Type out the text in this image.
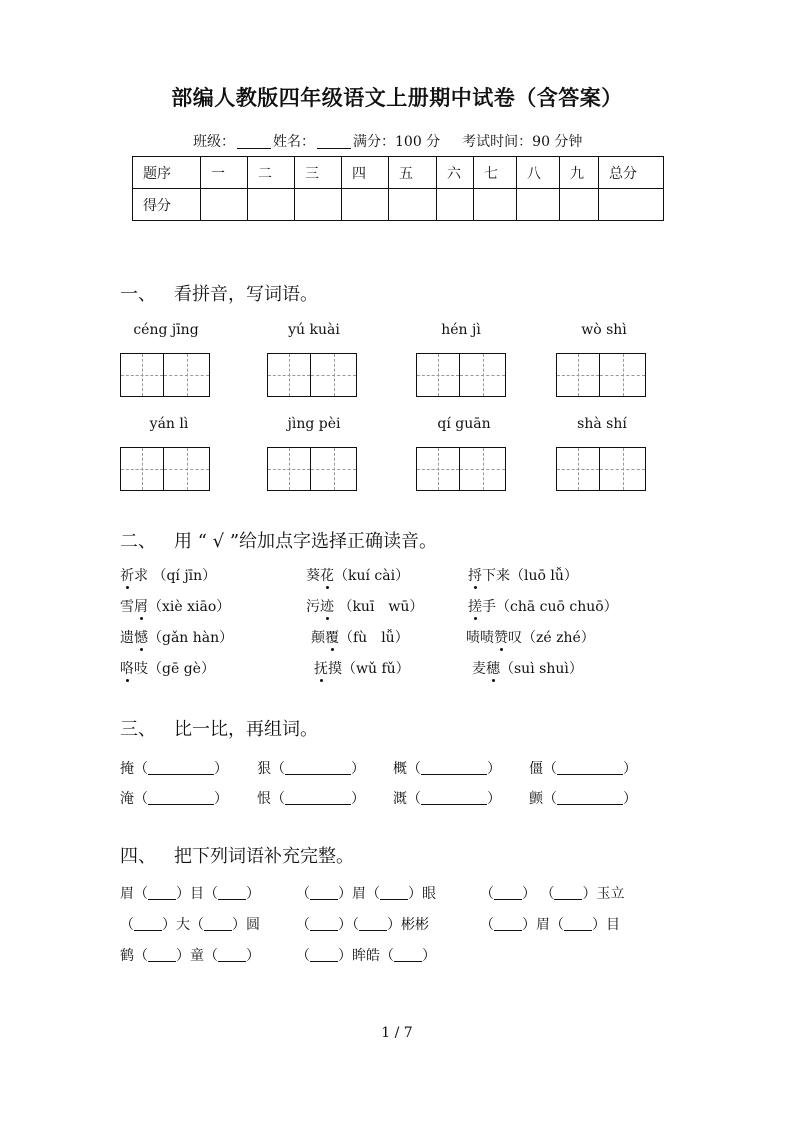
部编人教版四年级语文上册期中试卷（含答案）
班级：	姓名：	满分：100 分 考试时间：90 分钟
题序	一	二	三	四	五	六	七	八	九	总分
得分										
一、 看拼音，写词语。
céng jīng	yú kuài	hén jì	wò shì
yán lì	jìng pèi	qí guān	shà shí
二、 用 “ √ ”给加点字选择正确读音。
祈求 （qí jīn）	葵花（kuí cài）	捋下来（luō lǚ）
雪屑（xiè xiāo）	污迹 （kuī　wū）	搓手（chā cuō chuō）
遗憾（gǎn hàn）	颠覆（fù　lǚ）	啧啧赞叹（zé zhé）
咯吱（gē gè）	抚摸（wǔ fǔ）	麦穗（suì shuì）
三、 比一比，再组词。
掩（	） 狠（	） 概（	） 僵（	）
淹（	） 恨（	） 溉（	） 颤（	）
四、 把下列词语补充完整。
眉（ ）目（ ）	（ ）眉（ ）眼	（ ） （ ）玉立
（ ）大（ ）圆	（ ）（ ）彬彬	（ ）眉（ ）目
鹤（ ）童（ ）	（ ）眸皓（ ）
1 / 7
